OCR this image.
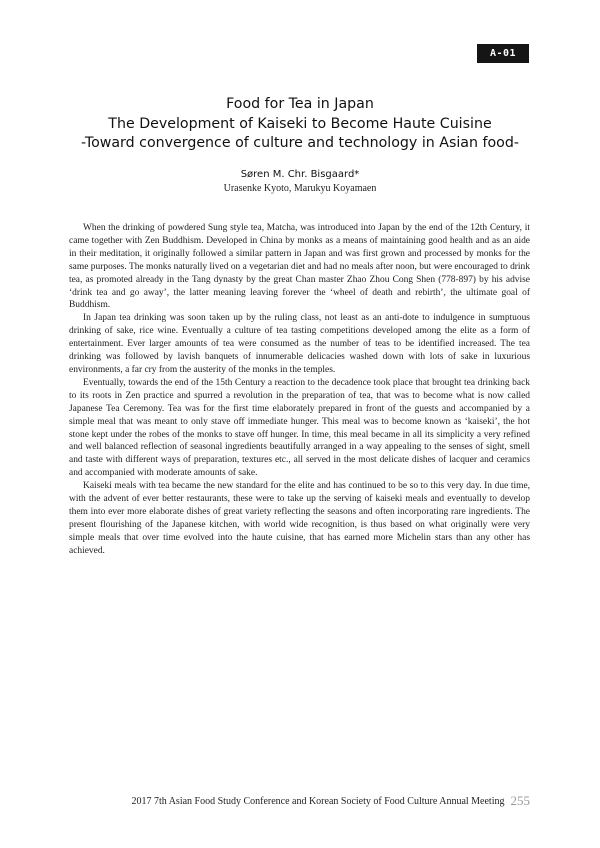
A-01
Food for Tea in Japan
The Development of Kaiseki to Become Haute Cuisine
-Toward convergence of culture and technology in Asian food-
Søren M. Chr. Bisgaard*
Urasenke Kyoto, Marukyu Koyamaen

When the drinking of powdered Sung style tea, Matcha, was introduced into Japan by the end of the 12th Century, it came together with Zen Buddhism. Developed in China by monks as a means of maintaining good health and as an aide in their meditation, it originally followed a similar pattern in Japan and was first grown and processed by monks for the same purposes. The monks naturally lived on a vegetarian diet and had no meals after noon, but were encouraged to drink tea, as promoted already in the Tang dynasty by the great Chan master Zhao Zhou Cong Shen (778-897) by his advise ‘drink tea and go away’, the latter meaning leaving forever the ‘wheel of death and rebirth’, the ultimate goal of Buddhism.

In Japan tea drinking was soon taken up by the ruling class, not least as an anti-dote to indulgence in sumptuous drinking of sake, rice wine. Eventually a culture of tea tasting competitions developed among the elite as a form of entertainment. Ever larger amounts of tea were consumed as the number of teas to be identified increased. The tea drinking was followed by lavish banquets of innumerable delicacies washed down with lots of sake in luxurious environments, a far cry from the austerity of the monks in the temples.

Eventually, towards the end of the 15th Century a reaction to the decadence took place that brought tea drinking back to its roots in Zen practice and spurred a revolution in the preparation of tea, that was to become what is now called Japanese Tea Ceremony. Tea was for the first time elaborately prepared in front of the guests and accompanied by a simple meal that was meant to only stave off immediate hunger. This meal was to become known as ‘kaiseki’, the hot stone kept under the robes of the monks to stave off hunger. In time, this meal became in all its simplicity a very refined and well balanced reflection of seasonal ingredients beautifully arranged in a way appealing to the senses of sight, smell and taste with different ways of preparation, textures etc., all served in the most delicate dishes of lacquer and ceramics and accompanied with moderate amounts of sake.

Kaiseki meals with tea became the new standard for the elite and has continued to be so to this very day. In due time, with the advent of ever better restaurants, these were to take up the serving of kaiseki meals and eventually to develop them into ever more elaborate dishes of great variety reflecting the seasons and often incorporating rare ingredients. The present flourishing of the Japanese kitchen, with world wide recognition, is thus based on what originally were very simple meals that over time evolved into the haute cuisine, that has earned more Michelin stars than any other has achieved.

2017 7th Asian Food Study Conference and Korean Society of Food Culture Annual Meeting 255
